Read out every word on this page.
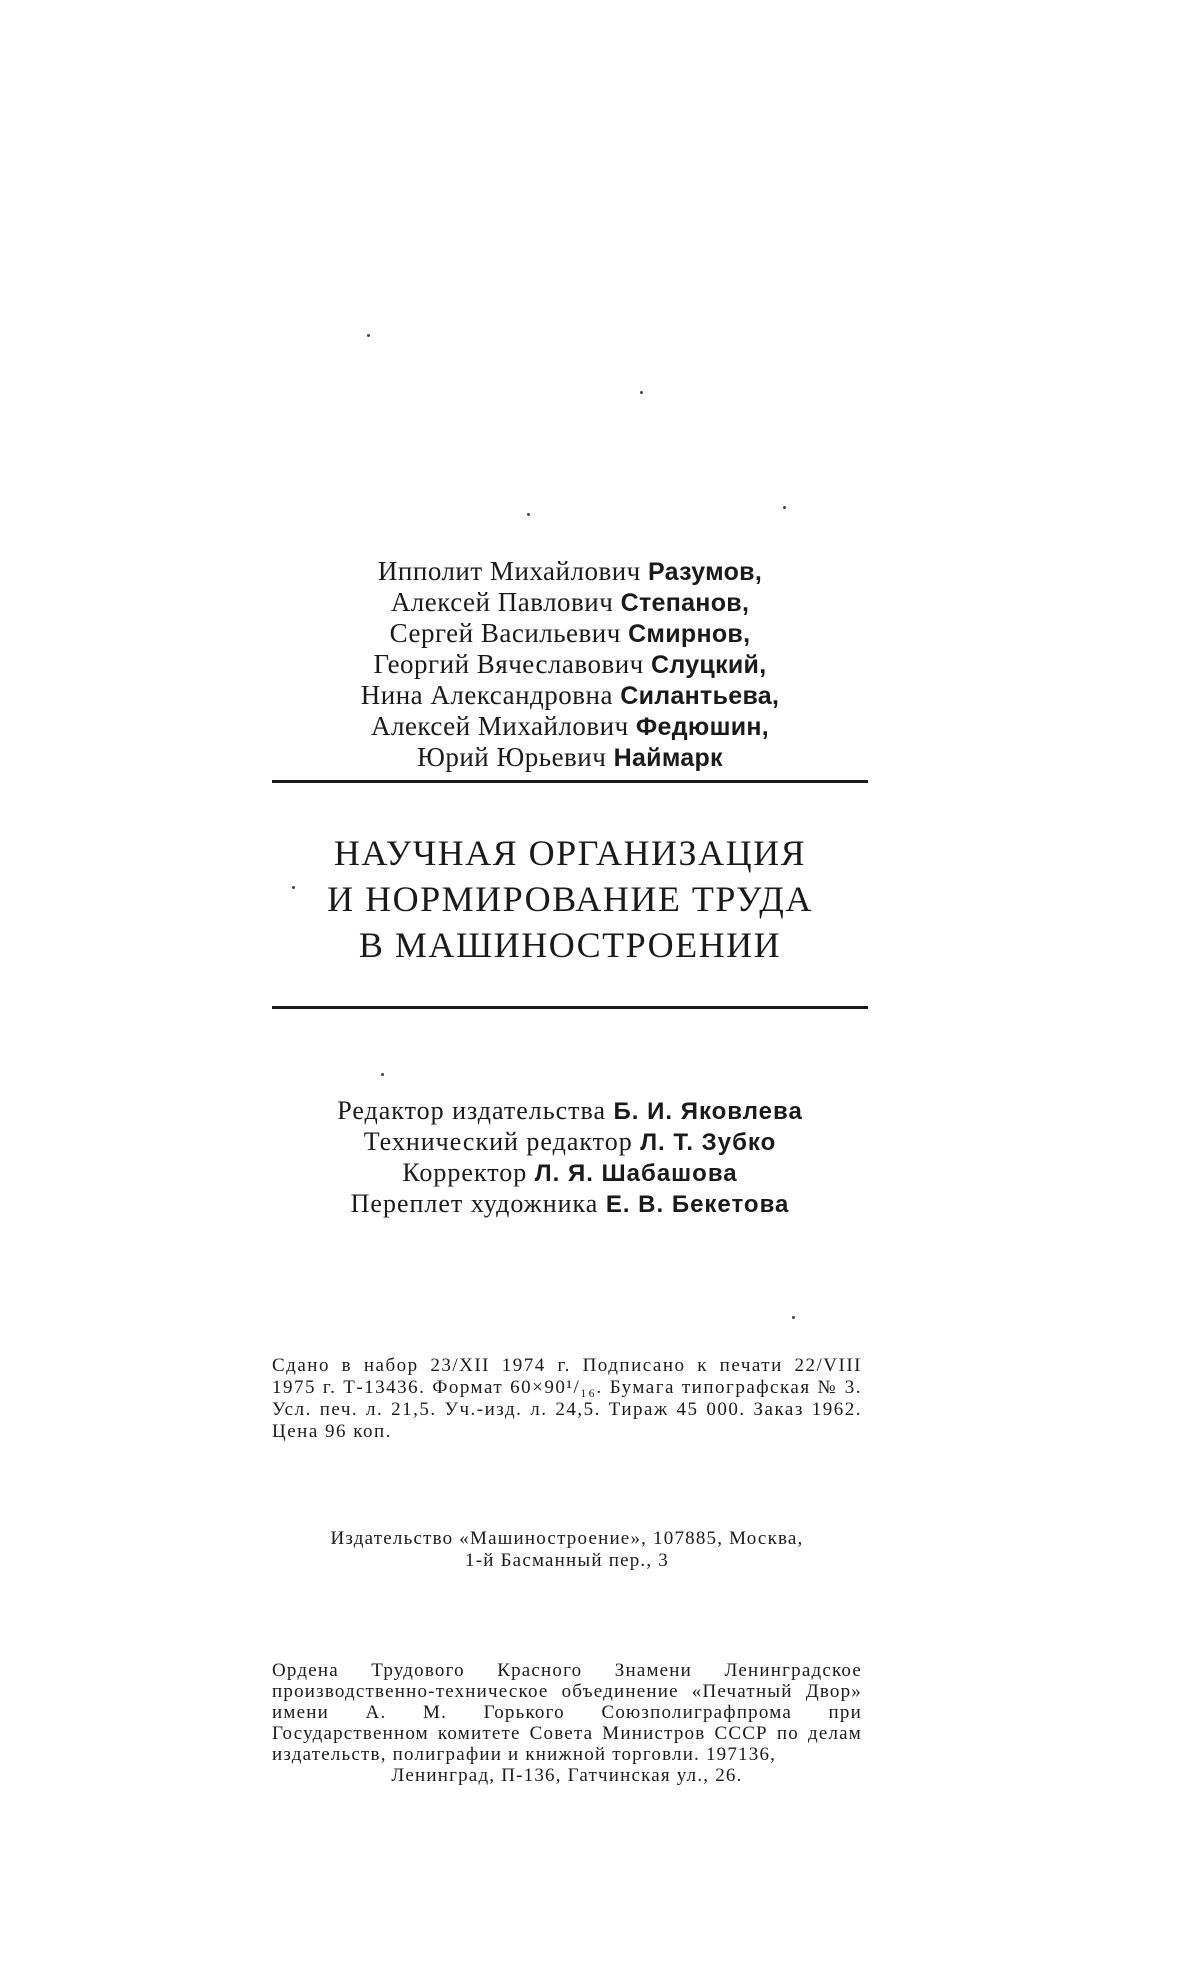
Ипполит Михайлович Разумов,
Алексей Павлович Степанов,
Сергей Васильевич Смирнов,
Георгий Вячеславович Слуцкий,
Нина Александровна Силантьева,
Алексей Михайлович Федюшин,
Юрий Юрьевич Наймарк
НАУЧНАЯ ОРГАНИЗАЦИЯ
И НОРМИРОВАНИЕ ТРУДА
В МАШИНОСТРОЕНИИ
Редактор издательства Б. И. Яковлева
Технический редактор Л. Т. Зубко
Корректор Л. Я. Шабашова
Переплет художника Е. В. Бекетова
Сдано в набор 23/XII 1974 г. Подписано к печати 22/VIII 1975 г. Т-13436. Формат 60×90¹/₁₆. Бумага типографская № 3. Усл. печ. л. 21,5. Уч.-изд. л. 24,5. Тираж 45 000. Заказ 1962. Цена 96 коп.
Издательство «Машиностроение», 107885, Москва,
1-й Басманный пер., 3
Ордена Трудового Красного Знамени Ленинградское производственно-техническое объединение «Печатный Двор» имени А. М. Горького Союзполиграфпрома при Государственном комитете Совета Министров СССР по делам издательств, полиграфии и книжной торговли. 197136,
Ленинград, П-136, Гатчинская ул., 26.
